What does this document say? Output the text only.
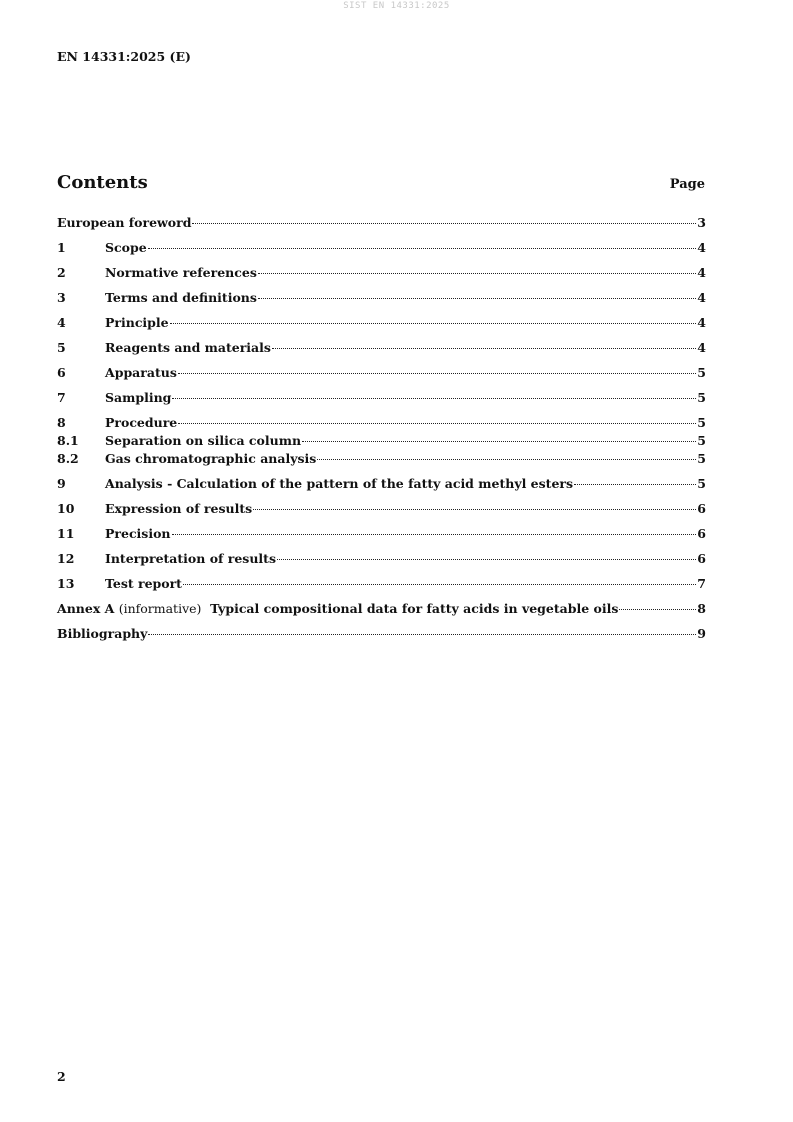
SIST EN 14331:2025
EN 14331:2025 (E)
Contents	Page
European foreword	3
1	Scope	4
2	Normative references	4
3	Terms and definitions	4
4	Principle	4
5	Reagents and materials	4
6	Apparatus	5
7	Sampling	5
8	Procedure	5
8.1	Separation on silica column	5
8.2	Gas chromatographic analysis	5
9	Analysis - Calculation of the pattern of the fatty acid methyl esters	5
10	Expression of results	6
11	Precision	6
12	Interpretation of results	6
13	Test report	7
Annex A (informative) Typical compositional data for fatty acids in vegetable oils	8
Bibliography	9
2
